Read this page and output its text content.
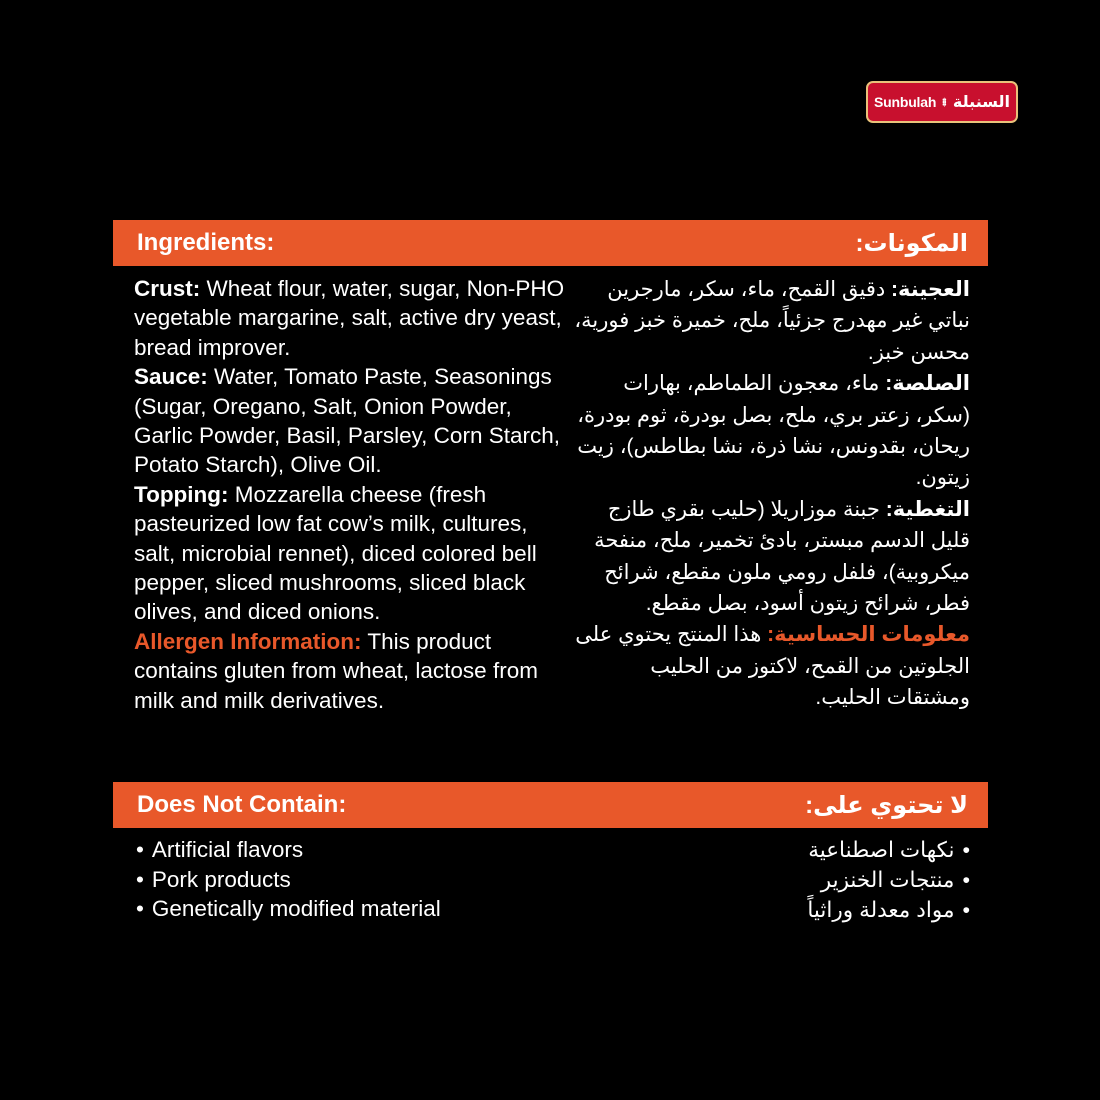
Sunbulah السنبلة
Ingredients:	المكونات:

Crust: Wheat flour, water, sugar, Non-PHO vegetable margarine, salt, active dry yeast, bread improver.

Sauce: Water, Tomato Paste, Seasonings (Sugar, Oregano, Salt, Onion Powder, Garlic Powder, Basil, Parsley, Corn Starch, Potato Starch), Olive Oil.

Topping: Mozzarella cheese (fresh pasteurized low fat cow’s milk, cultures, salt, microbial rennet), diced colored bell pepper, sliced mushrooms, sliced black olives, and diced onions.

Allergen Information: This product contains gluten from wheat, lactose from milk and milk derivatives.

العجينة: دقيق القمح، ماء، سكر، مارجرين نباتي غير مهدرج جزئياً، ملح، خميرة خبز فورية، محسن خبز.

الصلصة: ماء، معجون الطماطم، بهارات (سكر، زعتر بري، ملح، بصل بودرة، ثوم بودرة، ريحان، بقدونس، نشا ذرة، نشا بطاطس)، زيت زيتون.

التغطية: جبنة موزاريلا (حليب بقري طازج قليل الدسم مبستر، بادئ تخمير، ملح، منفحة ميكروبية)، فلفل رومي ملون مقطع، شرائح فطر، شرائح زيتون أسود، بصل مقطع.

معلومات الحساسية: هذا المنتج يحتوي على الجلوتين من القمح، لاكتوز من الحليب ومشتقات الحليب.

Does Not Contain:	لا تحتوي على:
• Artificial flavors
• Pork products
• Genetically modified material
• نكهات اصطناعية
• منتجات الخنزير
• مواد معدلة وراثياً
